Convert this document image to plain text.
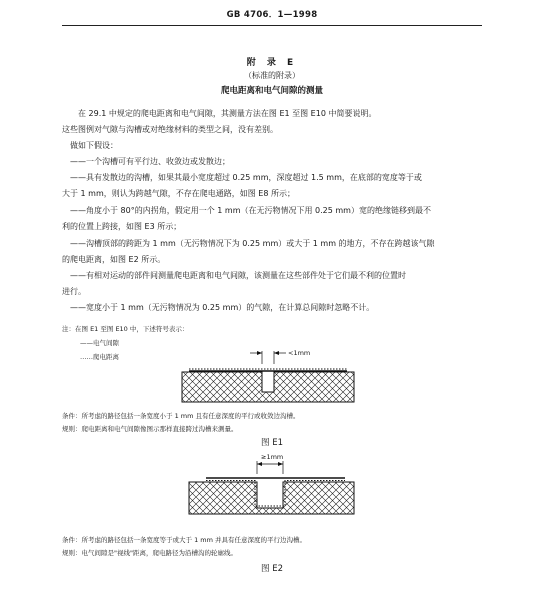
GB 4706．1—1998
附 录 E
（标准的附录）
爬电距离和电气间隙的测量
在 29.1 中规定的爬电距离和电气间隙，其测量方法在图 E1 至图 E10 中简要说明。
这些图例对气隙与沟槽或对绝缘材料的类型之间，没有差别。
做如下假设：
——一个沟槽可有平行边、收敛边或发散边；
——具有发散边的沟槽，如果其最小宽度超过 0.25 mm，深度超过 1.5 mm，在底部的宽度等于或
大于 1 mm，则认为跨越气隙，不存在爬电通路，如图 E8 所示；
——角度小于 80°的内拐角，假定用一个 1 mm（在无污物情况下用 0.25 mm）宽的绝缘链移到最不
利的位置上跨接，如图 E3 所示；
——沟槽顶部的跨距为 1 mm（无污物情况下为 0.25 mm）或大于 1 mm 的地方，不存在跨越该气隙
的爬电距离，如图 E2 所示。
——有相对运动的部件间测量爬电距离和电气间隙，该测量在这些部件处于它们最不利的位置时
进行。
——宽度小于 1 mm（无污物情况为 0.25 mm）的气隙，在计算总间隙时忽略不计。
注：在图 E1 至图 E10 中，下述符号表示：
——电气间隙
……爬电距离	<1mm
条件：所考虑的路径包括一条宽度小于 1 mm 且有任意深度的平行或收敛边沟槽。
规则：爬电距离和电气间隙像图示那样直接跨过沟槽来测量。
图 E1
≥1mm
条件：所考虑的路径包括一条宽度等于或大于 1 mm 并具有任意深度的平行边沟槽。
规则：电气间隙是"视线"距离，爬电路径为沿槽沟的轮廓线。
图 E2
